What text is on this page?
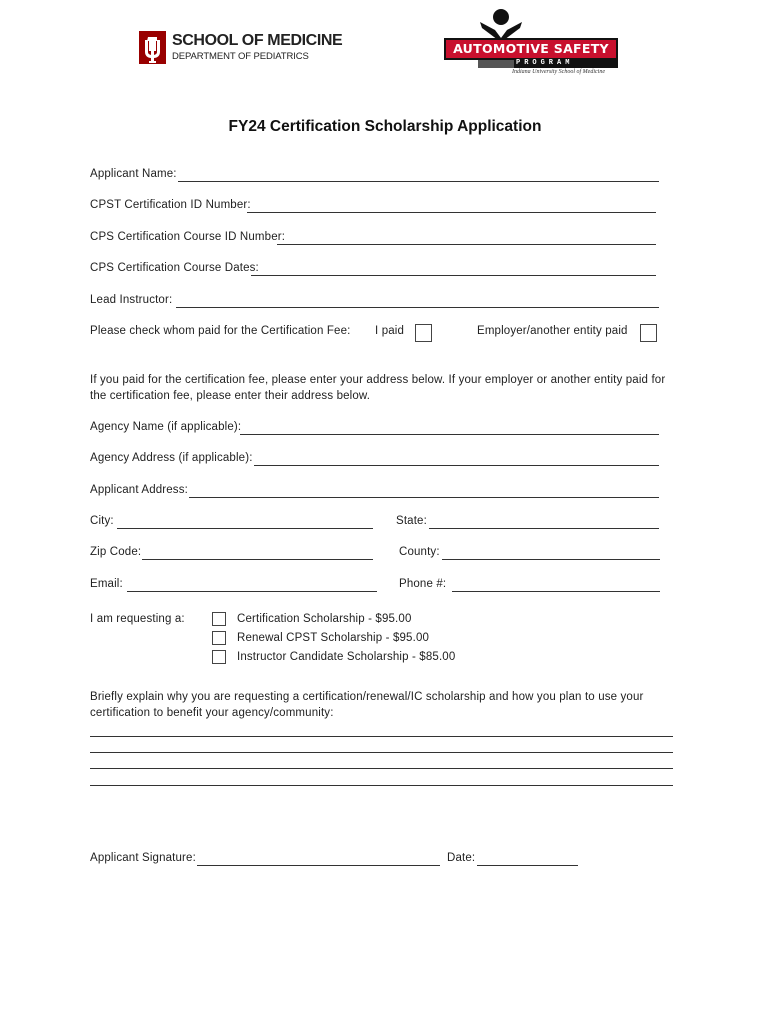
SCHOOL OF MEDICINE
DEPARTMENT OF PEDIATRICS
AUTOMOTIVE SAFETY
PROGRAM
Indiana University School of Medicine
FY24 Certification Scholarship Application
Applicant Name:
CPST Certification ID Number:
CPS Certification Course ID Number:
CPS Certification Course Dates:
Lead Instructor:
Please check whom paid for the Certification Fee: I paid	Employer/another entity paid
If you paid for the certification fee, please enter your address below. If your employer or another entity paid for the certification fee, please enter their address below.
Agency Name (if applicable):
Agency Address (if applicable):
Applicant Address:
City:	State:
Zip Code:	County:
Email:	Phone #:
I am requesting a:	Certification Scholarship - $95.00
Renewal CPST Scholarship - $95.00
Instructor Candidate Scholarship - $85.00
Briefly explain why you are requesting a certification/renewal/IC scholarship and how you plan to use your certification to benefit your agency/community:
Applicant Signature:	Date:
